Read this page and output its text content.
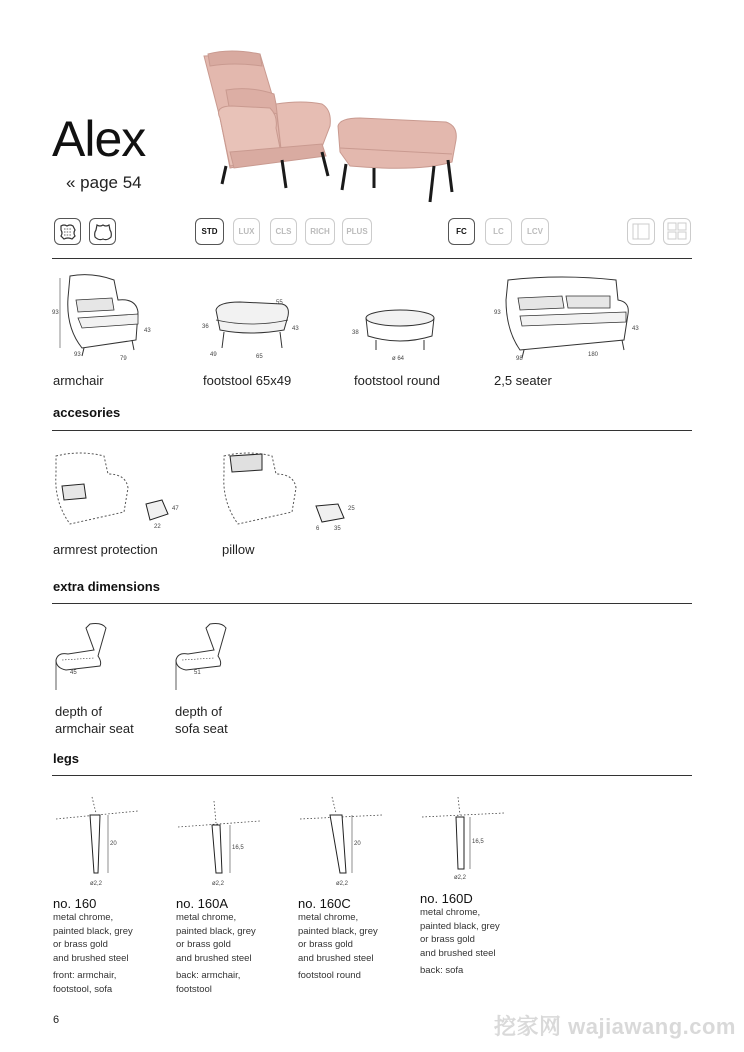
Alex
« page 54
STD	LUX	CLS	RICH	PLUS	FC	LC	LCV
93
43
93
79
55
36	43
49	65
38
ø 64
93
43
98
180
armchair	footstool 65x49	footstool round	2,5 seater
accesories
47
22
25
6 35
armrest protection	pillow
extra dimensions
45	51
depth of
armchair seat
depth of
sofa seat
legs
20
ø2,2
16,5
ø2,2
20
ø2,2
16,5
ø2,2
no. 160
metal chrome,
painted black, grey
or brass gold
and brushed steel
front: armchair,
footstool, sofa
no. 160A
metal chrome,
painted black, grey
or brass gold
and brushed steel
back: armchair,
footstool
no. 160C
metal chrome,
painted black, grey
or brass gold
and brushed steel
footstool round
no. 160D
metal chrome,
painted black, grey
or brass gold
and brushed steel
back: sofa
6	挖家网 wajiawang.com
